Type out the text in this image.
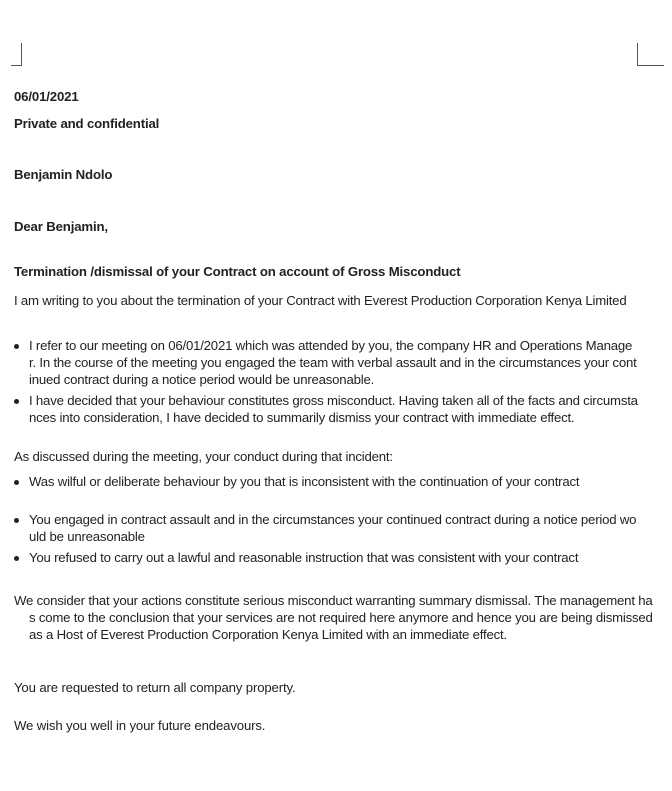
06/01/2021
Private and confidential
Benjamin Ndolo
Dear Benjamin,
Termination /dismissal of your Contract on account of Gross Misconduct
I am writing to you about the termination of your Contract with Everest Production Corporation Kenya Limited
I refer to our meeting on 06/01/2021 which was attended by you, the company HR and Operations Manager. In the course of the meeting you engaged the team with verbal assault and in the circumstances your continued contract during a notice period would be unreasonable.
I have decided that your behaviour constitutes gross misconduct. Having taken all of the facts and circumstances into consideration, I have decided to summarily dismiss your contract with immediate effect.
As discussed during the meeting, your conduct during that incident:
Was wilful or deliberate behaviour by you that is inconsistent with the continuation of your contract
You engaged in contract assault and in the circumstances your continued contract during a notice period would be unreasonable
You refused to carry out a lawful and reasonable instruction that was consistent with your contract
We consider that your actions constitute serious misconduct warranting summary dismissal. The management has come to the conclusion that your services are not required here anymore and hence you are being dismissed as a Host of Everest Production Corporation Kenya Limited with an immediate effect.
You are requested to return all company property.
We wish you well in your future endeavours.
